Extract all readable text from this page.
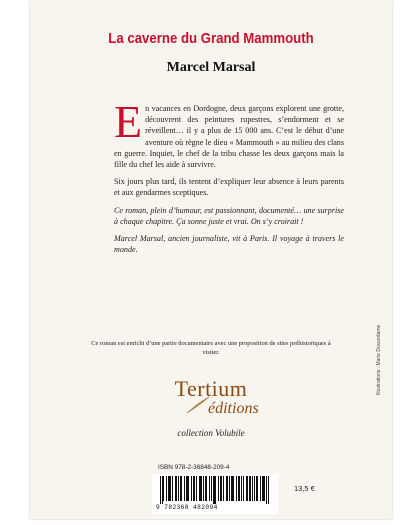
La caverne du Grand Mammouth
Marcel Marsal

En vacances en Dordogne, deux garçons explorent une grotte, découvrent des peintures rupestres, s’endorment et se réveillent… il y a plus de 15 000 ans. C’est le début d’une aventure où règne le dieu « Mammouth » au milieu des clans en guerre. Inquiet, le chef de la tribu chasse les deux garçons mais la fille du chef les aide à survivre.

Six jours plus tard, ils tentent d’expliquer leur absence à leurs parents et aux gendarmes sceptiques.

Ce roman, plein d’humour, est passionnant, documenté… une surprise à chaque chapitre. Ça sonne juste et vrai. On s’y croirait !

Marcel Marsal, ancien journaliste, vit à Paris. Il voyage à travers le monde.

Illustrations : Marie Doucedame
Ce roman est enrichi d’une partie documentaire avec une proposition de sites préhistoriques à visiter.
Tertium
éditions
collection Volubile
ISBN 978-2-36848-209-4
9 782368 482094
13,5 €
